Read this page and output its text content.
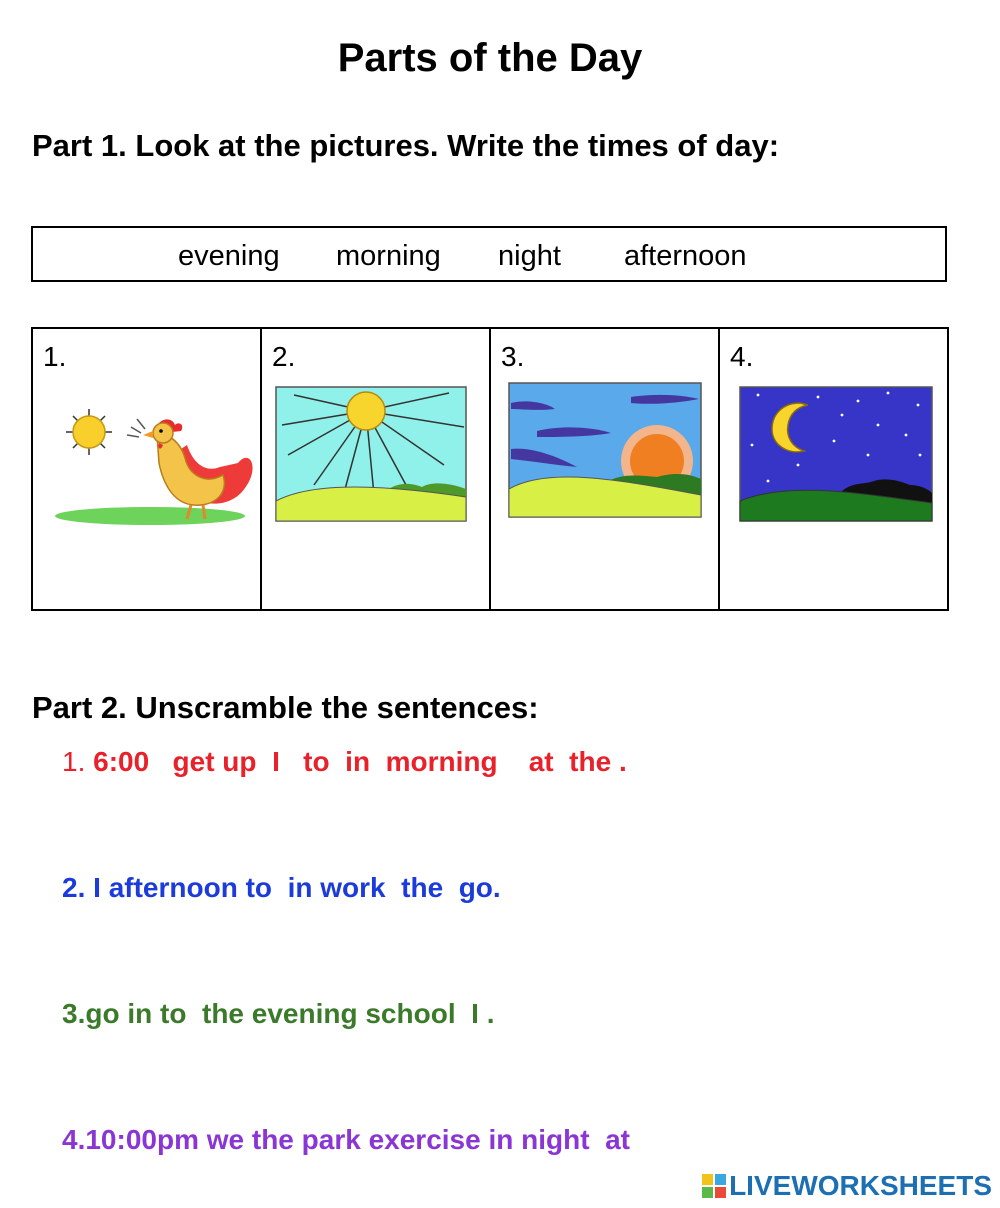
Parts of the Day
Part 1. Look at the pictures. Write the times of day:
evening morning night afternoon
1.	2.	3.	4.
Part 2. Unscramble the sentences:
1. 6:00   get up  I   to  in  morning    at  the .
2. I afternoon to  in work  the  go.
3.go in to  the evening school  I .
4.10:00pm we the park exercise in night  at
LIVEWORKSHEETS
